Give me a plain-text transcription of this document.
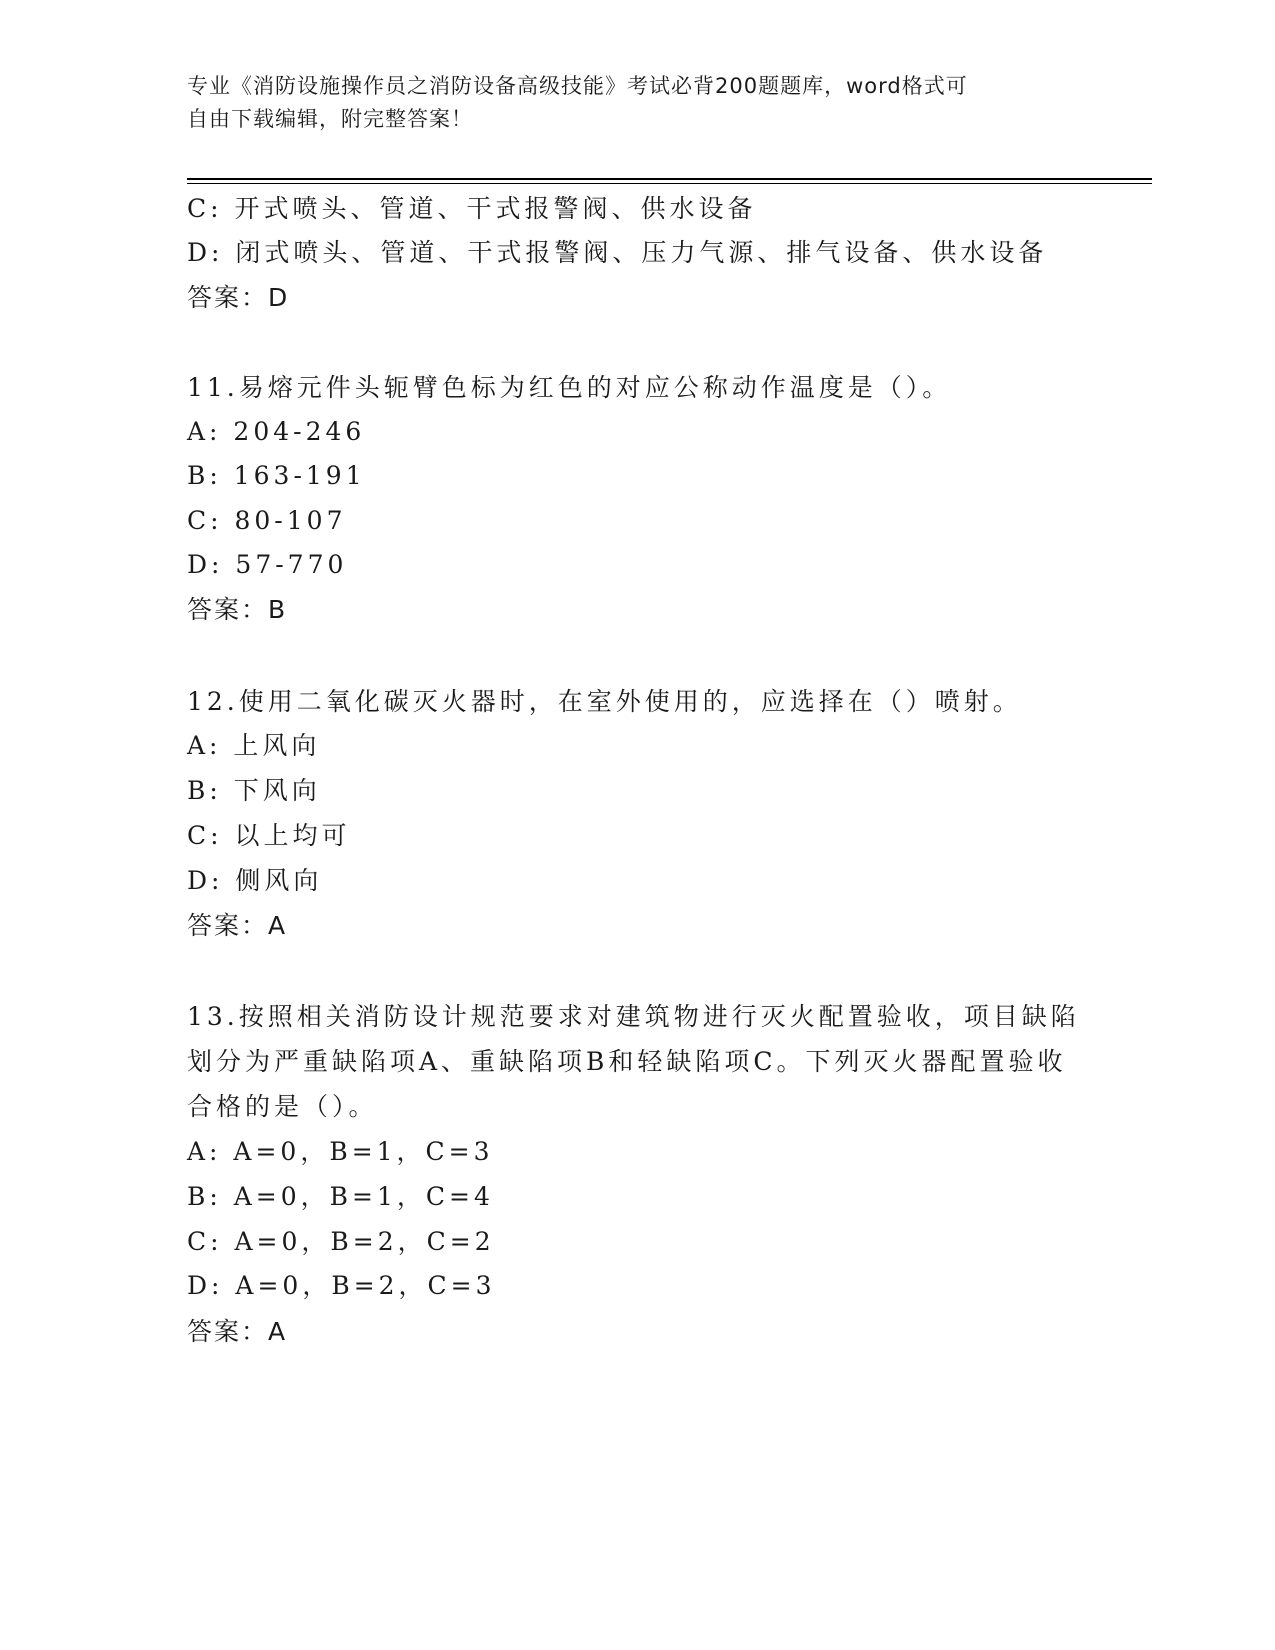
专业《消防设施操作员之消防设备高级技能》考试必背200题题库，word格式可
自由下载编辑，附完整答案！
C: 开式喷头、管道、干式报警阀、供水设备
D: 闭式喷头、管道、干式报警阀、压力气源、排气设备、供水设备
答案：D
11.易熔元件头轭臂色标为红色的对应公称动作温度是（）。
A: 204-246
B: 163-191
C: 80-107
D: 57-770
答案：B
12.使用二氧化碳灭火器时，在室外使用的，应选择在（）喷射。
A: 上风向
B: 下风向
C: 以上均可
D: 侧风向
答案：A
13.按照相关消防设计规范要求对建筑物进行灭火配置验收，项目缺陷
划分为严重缺陷项A、重缺陷项B和轻缺陷项C。下列灭火器配置验收
合格的是（）。
A: A=0，B=1，C=3
B: A=0，B=1，C=4
C: A=0，B=2，C=2
D: A=0，B=2，C=3
答案：A
